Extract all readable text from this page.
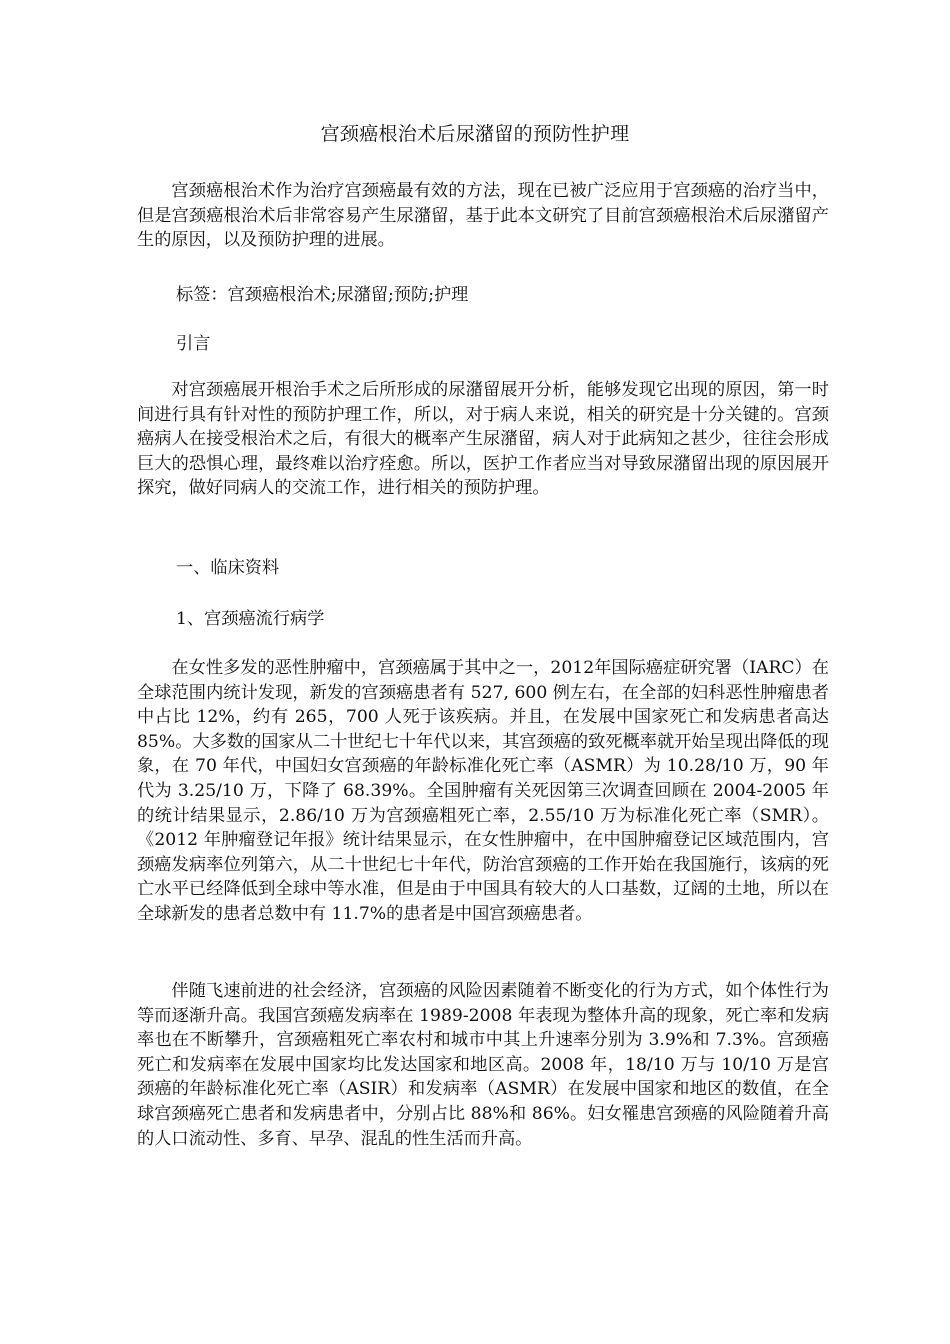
宫颈癌根治术后尿潴留的预防性护理

宫颈癌根治术作为治疗宫颈癌最有效的方法，现在已被广泛应用于宫颈癌的治疗当中，但是宫颈癌根治术后非常容易产生尿潴留，基于此本文研究了目前宫颈癌根治术后尿潴留产生的原因，以及预防护理的进展。

标签：宫颈癌根治术;尿潴留;预防;护理

引言

对宫颈癌展开根治手术之后所形成的尿潴留展开分析，能够发现它出现的原因，第一时间进行具有针对性的预防护理工作，所以，对于病人来说，相关的研究是十分关键的。宫颈癌病人在接受根治术之后，有很大的概率产生尿潴留，病人对于此病知之甚少，往往会形成巨大的恐惧心理，最终难以治疗痊愈。所以，医护工作者应当对导致尿潴留出现的原因展开探究，做好同病人的交流工作，进行相关的预防护理。

一、临床资料

1、宫颈癌流行病学

在女性多发的恶性肿瘤中，宫颈癌属于其中之一，2012年国际癌症研究署（IARC）在全球范围内统计发现，新发的宫颈癌患者有 527, 600 例左右，在全部的妇科恶性肿瘤患者中占比 12%，约有 265，700 人死于该疾病。并且，在发展中国家死亡和发病患者高达 85%。大多数的国家从二十世纪七十年代以来，其宫颈癌的致死概率就开始呈现出降低的现象，在 70 年代，中国妇女宫颈癌的年龄标准化死亡率（ASMR）为 10.28/10 万，90 年代为 3.25/10 万，下降了 68.39%。全国肿瘤有关死因第三次调查回顾在 2004-2005 年的统计结果显示，2.86/10 万为宫颈癌粗死亡率，2.55/10 万为标准化死亡率（SMR）。《2012 年肿瘤登记年报》统计结果显示，在女性肿瘤中，在中国肿瘤登记区域范围内，宫颈癌发病率位列第六，从二十世纪七十年代，防治宫颈癌的工作开始在我国施行，该病的死亡水平已经降低到全球中等水准，但是由于中国具有较大的人口基数，辽阔的土地，所以在全球新发的患者总数中有 11.7%的患者是中国宫颈癌患者。

伴随飞速前进的社会经济，宫颈癌的风险因素随着不断变化的行为方式，如个体性行为等而逐渐升高。我国宫颈癌发病率在 1989-2008 年表现为整体升高的现象，死亡率和发病率也在不断攀升，宫颈癌粗死亡率农村和城市中其上升速率分别为 3.9%和 7.3%。宫颈癌死亡和发病率在发展中国家均比发达国家和地区高。2008 年，18/10 万与 10/10 万是宫颈癌的年龄标准化死亡率（ASIR）和发病率（ASMR）在发展中国家和地区的数值，在全球宫颈癌死亡患者和发病患者中，分别占比 88%和 86%。妇女罹患宫颈癌的风险随着升高的人口流动性、多育、早孕、混乱的性生活而升高。
